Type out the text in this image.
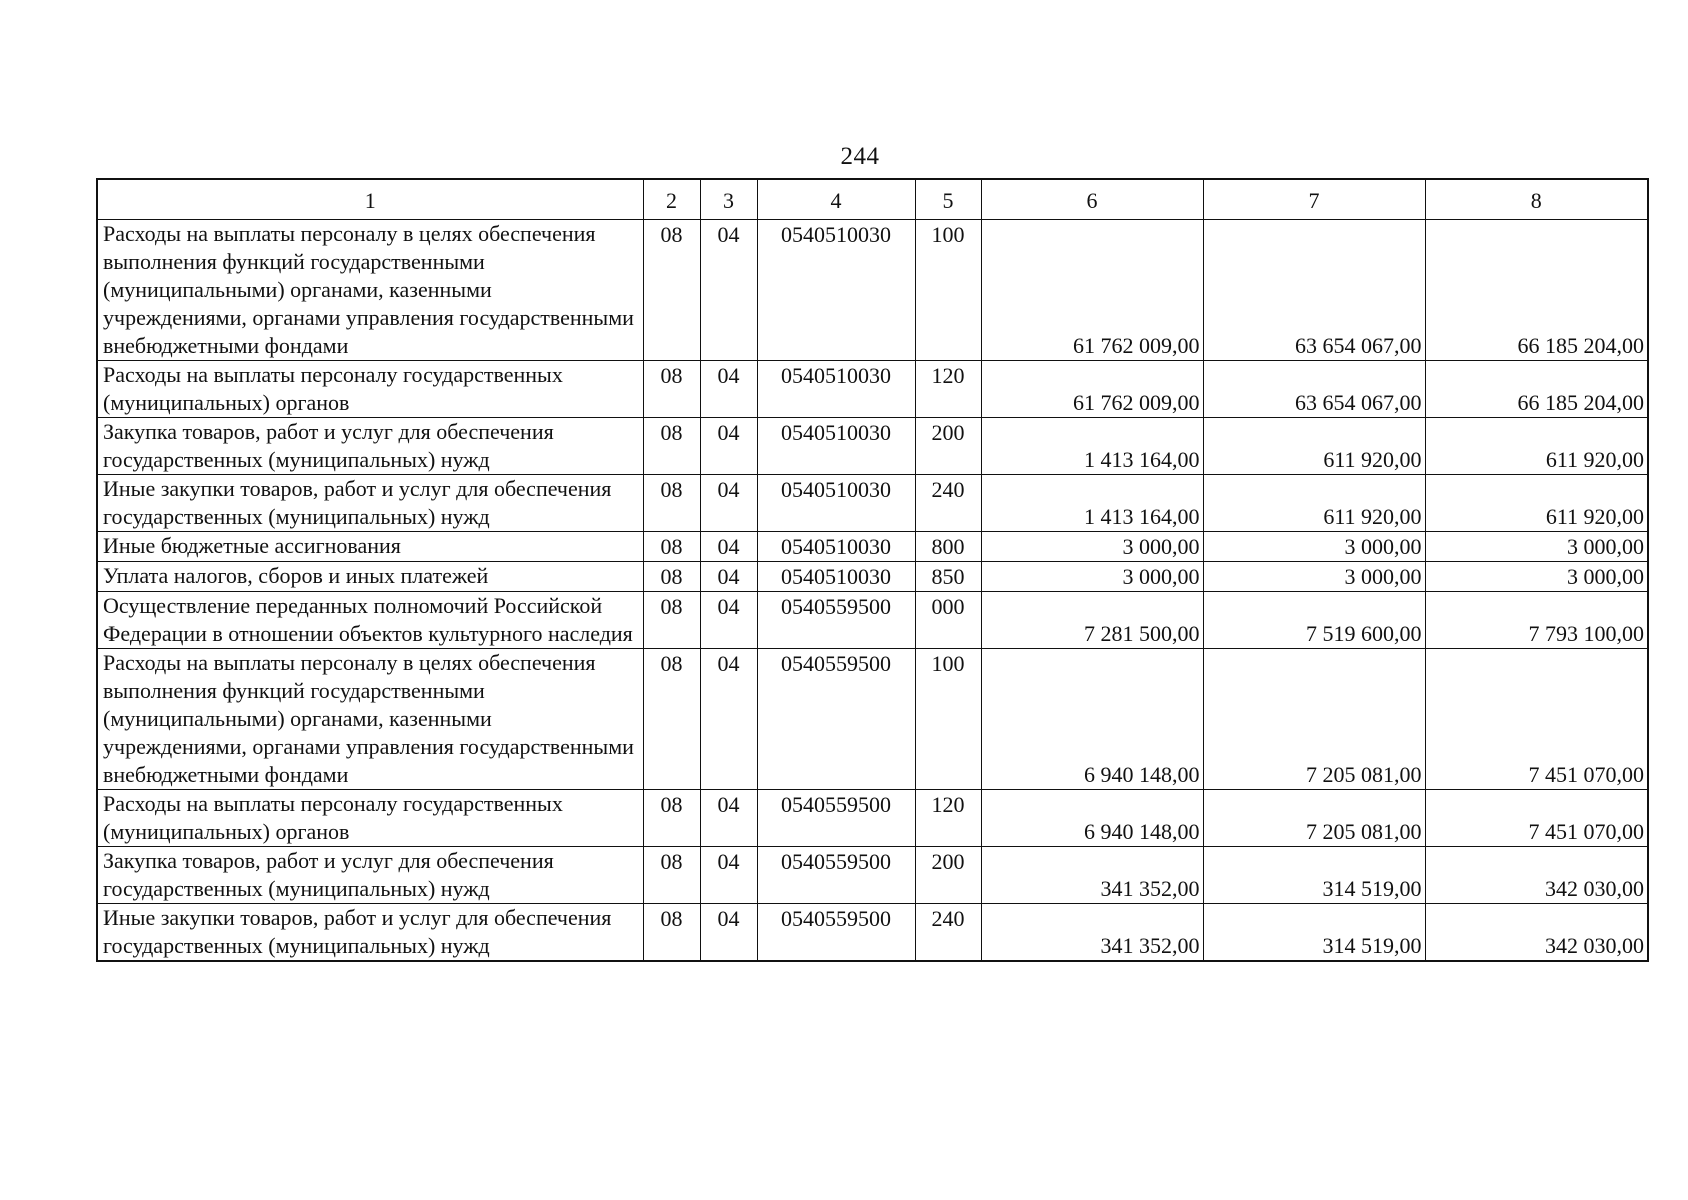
244
1	2	3	4	5	6	7	8
Расходы на выплаты персоналу в целях обеспечения выполнения функций государственными (муниципальными) органами, казенными учреждениями, органами управления государственными внебюджетными фондами	08	04	0540510030	100	61 762 009,00	63 654 067,00	66 185 204,00
Расходы на выплаты персоналу государственных (муниципальных) органов	08	04	0540510030	120	61 762 009,00	63 654 067,00	66 185 204,00
Закупка товаров, работ и услуг для обеспечения государственных (муниципальных) нужд	08	04	0540510030	200	1 413 164,00	611 920,00	611 920,00
Иные закупки товаров, работ и услуг для обеспечения государственных (муниципальных) нужд	08	04	0540510030	240	1 413 164,00	611 920,00	611 920,00
Иные бюджетные ассигнования	08	04	0540510030	800	3 000,00	3 000,00	3 000,00
Уплата налогов, сборов и иных платежей	08	04	0540510030	850	3 000,00	3 000,00	3 000,00
Осуществление переданных полномочий Российской Федерации в отношении объектов культурного наследия	08	04	0540559500	000	7 281 500,00	7 519 600,00	7 793 100,00
Расходы на выплаты персоналу в целях обеспечения выполнения функций государственными (муниципальными) органами, казенными учреждениями, органами управления государственными внебюджетными фондами	08	04	0540559500	100	6 940 148,00	7 205 081,00	7 451 070,00
Расходы на выплаты персоналу государственных (муниципальных) органов	08	04	0540559500	120	6 940 148,00	7 205 081,00	7 451 070,00
Закупка товаров, работ и услуг для обеспечения государственных (муниципальных) нужд	08	04	0540559500	200	341 352,00	314 519,00	342 030,00
Иные закупки товаров, работ и услуг для обеспечения государственных (муниципальных) нужд	08	04	0540559500	240	341 352,00	314 519,00	342 030,00
